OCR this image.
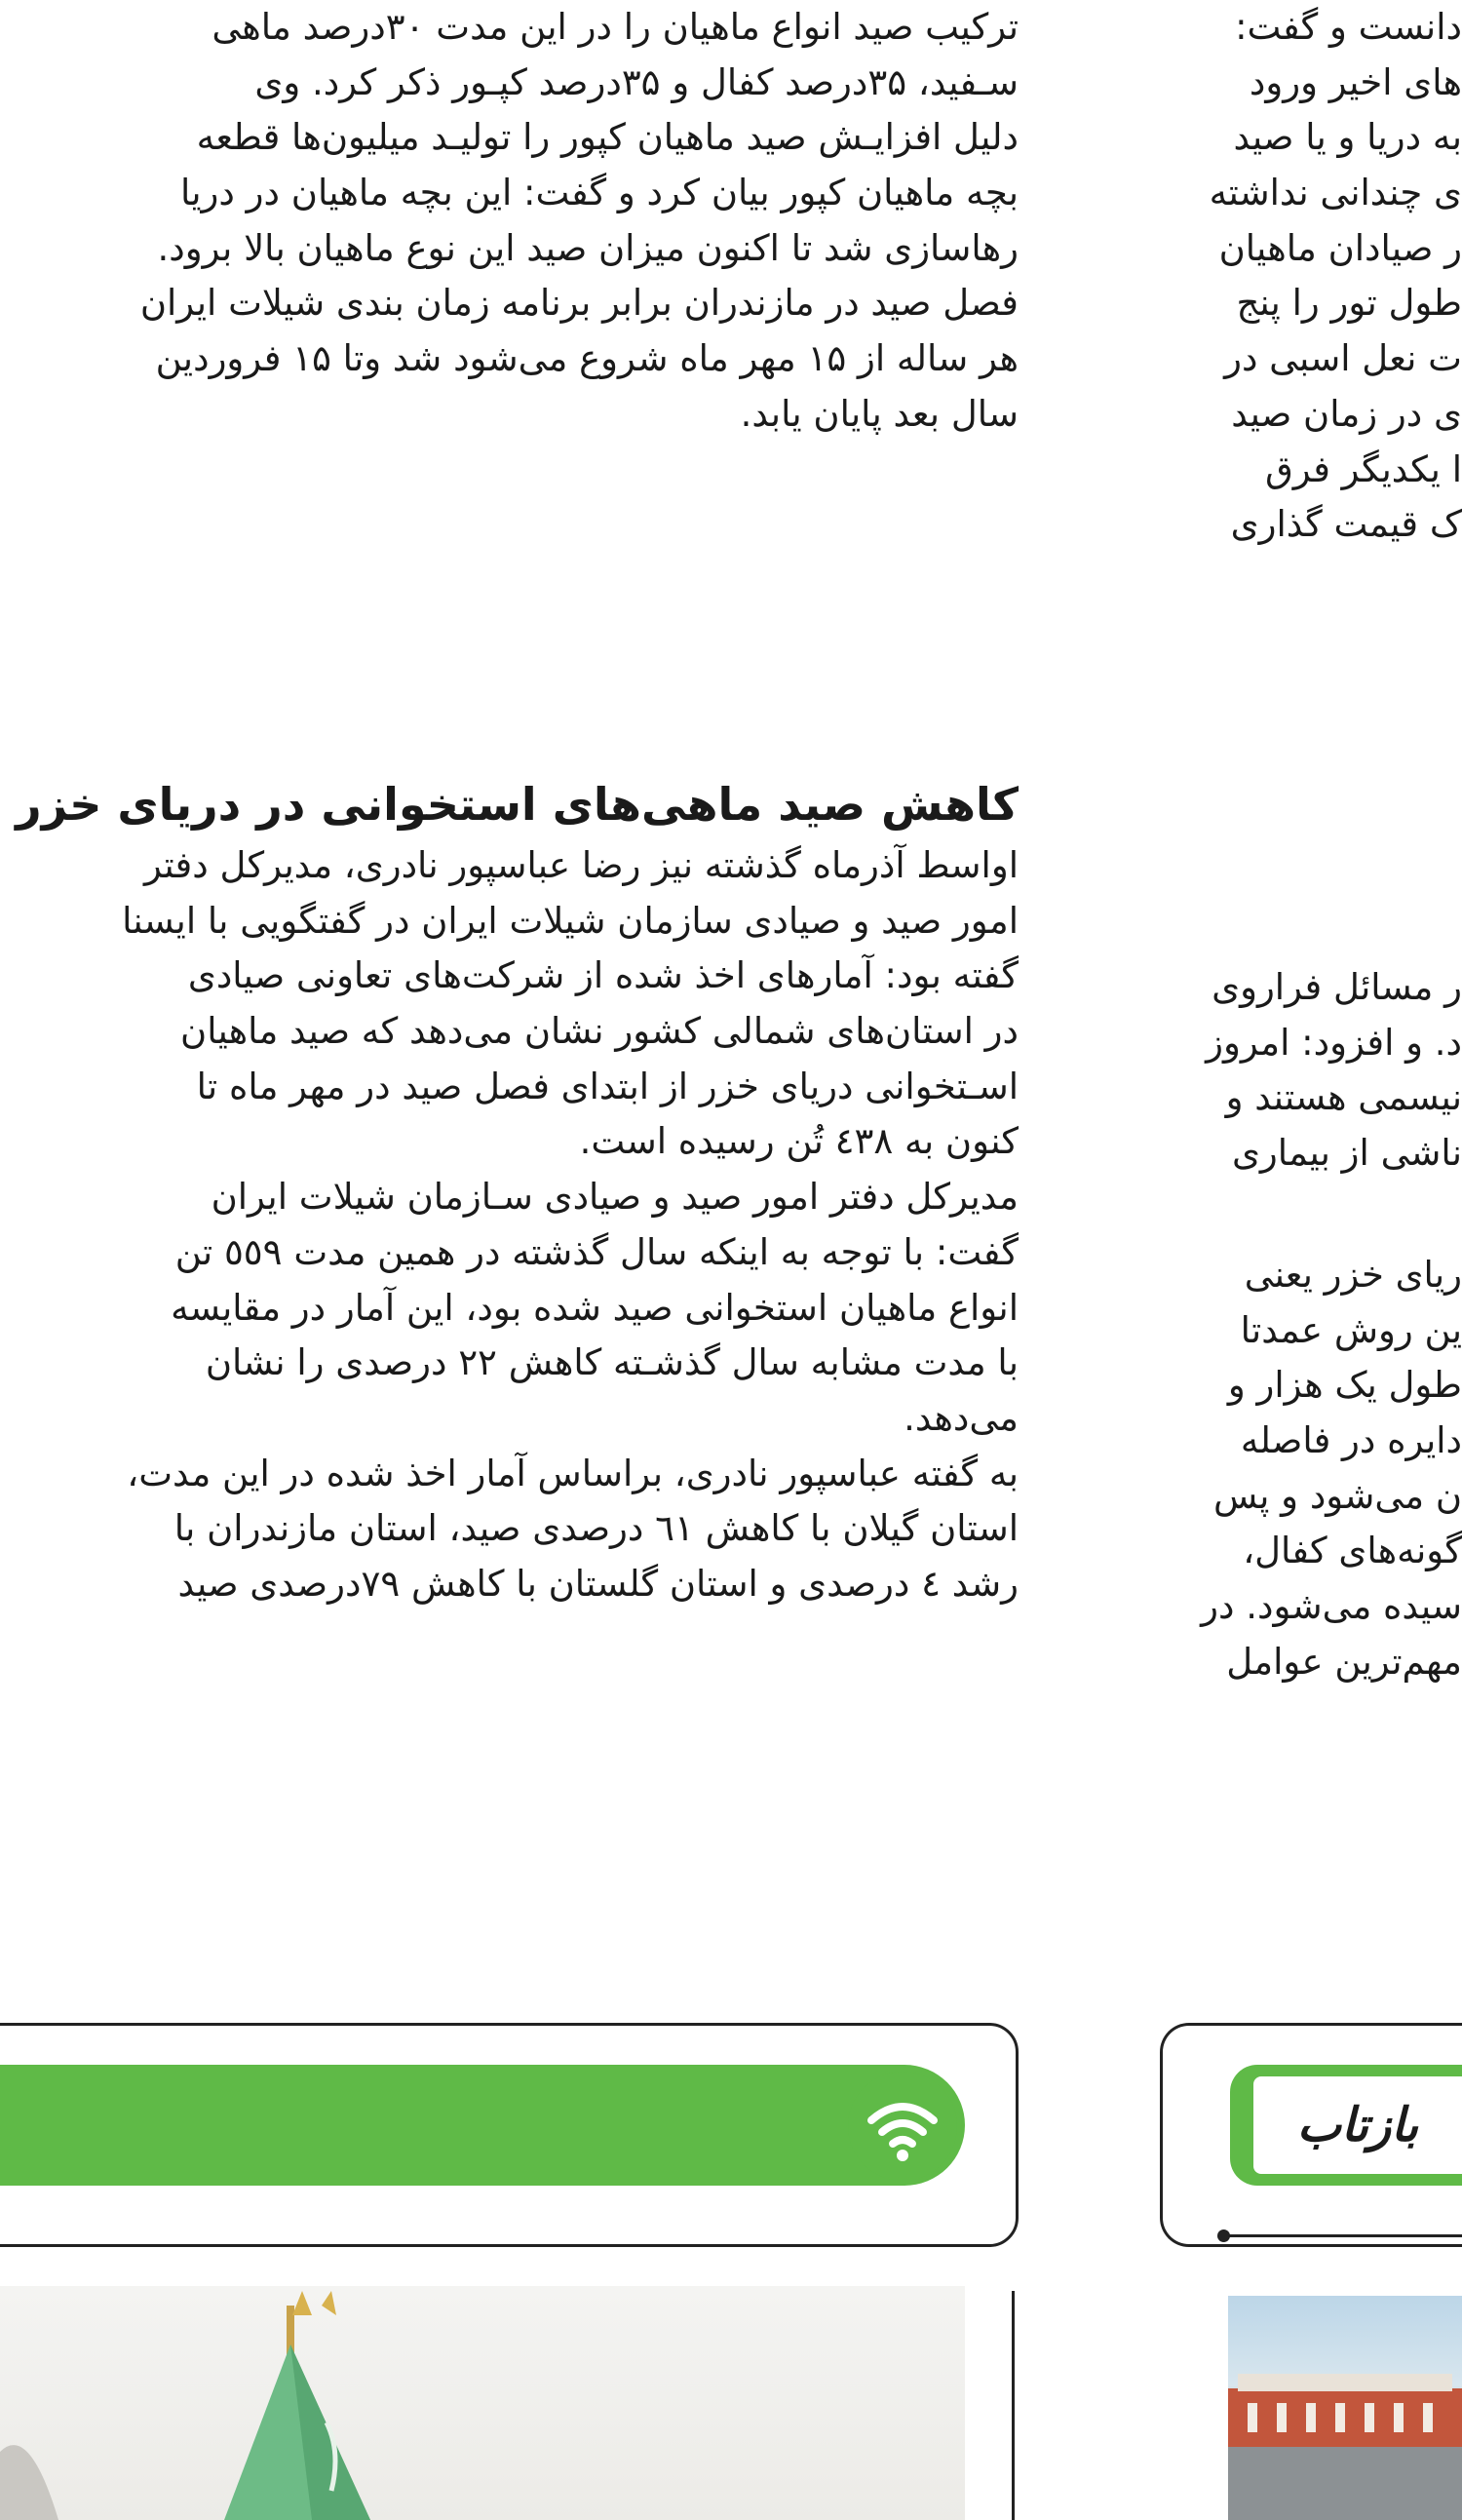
ترکیب صید انواع ماهیان را در این مدت ۳۰درصد ماهی
سـفید، ۳۵درصد کفال و ۳۵درصد کپـور ذکر کرد. وی
دلیل افزایـش صید ماهیان کپور را تولیـد میلیون‌ها قطعه
بچه ماهیان کپور بیان کرد و گفت: این بچه ماهیان در دریا
رهاسازی شد تا اکنون میزان صید این نوع ماهیان بالا برود.
فصل صید در مازندران برابر برنامه زمان بندی شیلات ایران
هر ساله از ۱۵ مهر ماه شروع می‌شود شد وتا ۱۵ فروردین
سال بعد پایان یابد.
کاهش صید ماهی‌های استخوانی در دریای خزر
اواسط آذرماه گذشته نیز رضا عباسپور نادری، مدیرکل دفتر
امور صید و صیادی سازمان شیلات ایران در گفتگویی با ایسنا
گفته بود: آمارهای اخذ شده از شرکت‌های تعاونی صیادی
در استان‌های شمالی کشور نشان می‌دهد که صید ماهیان
اسـتخوانی دریای خزر از ابتدای فصل صید در مهر ماه تا
کنون به ٤٣٨ تُن رسیده است.
مدیرکل دفتر امور صید و صیادی سـازمان شیلات ایران
گفت: با توجه به اینکه سال گذشته در همین مدت ٥٥٩ تن
انواع ماهیان استخوانی صید شده بود، این آمار در مقایسه
با مدت مشابه سال گذشـته کاهش ۲۲ درصدی را نشان
می‌دهد.
به گفته عباسپور نادری، براساس آمار اخذ شده در این مدت،
استان گیلان با کاهش ٦١ درصدی صید، استان مازندران با
رشد ٤ درصدی و استان گلستان با کاهش ۷۹درصدی صید
دانست و گفت:
های اخیر ورود
به دریا و یا صید
ی چندانی نداشته
ر صیادان ماهیان
طول تور را پنج
ت نعل اسبی در
ی در زمان صید
ا یکدیگر فرق
ک قیمت گذاری
ر مسائل فراروی
د. و افزود: امروز
نیسمی هستند و
ناشی از بیماری
ریای خزر یعنی
ین روش عمدتا
طول یک هزار و
دایره در فاصله
ن می‌شود و پس
گونه‌های کفال،
سیده می‌شود. در
مهم‌ترین عوامل
بازتاب
